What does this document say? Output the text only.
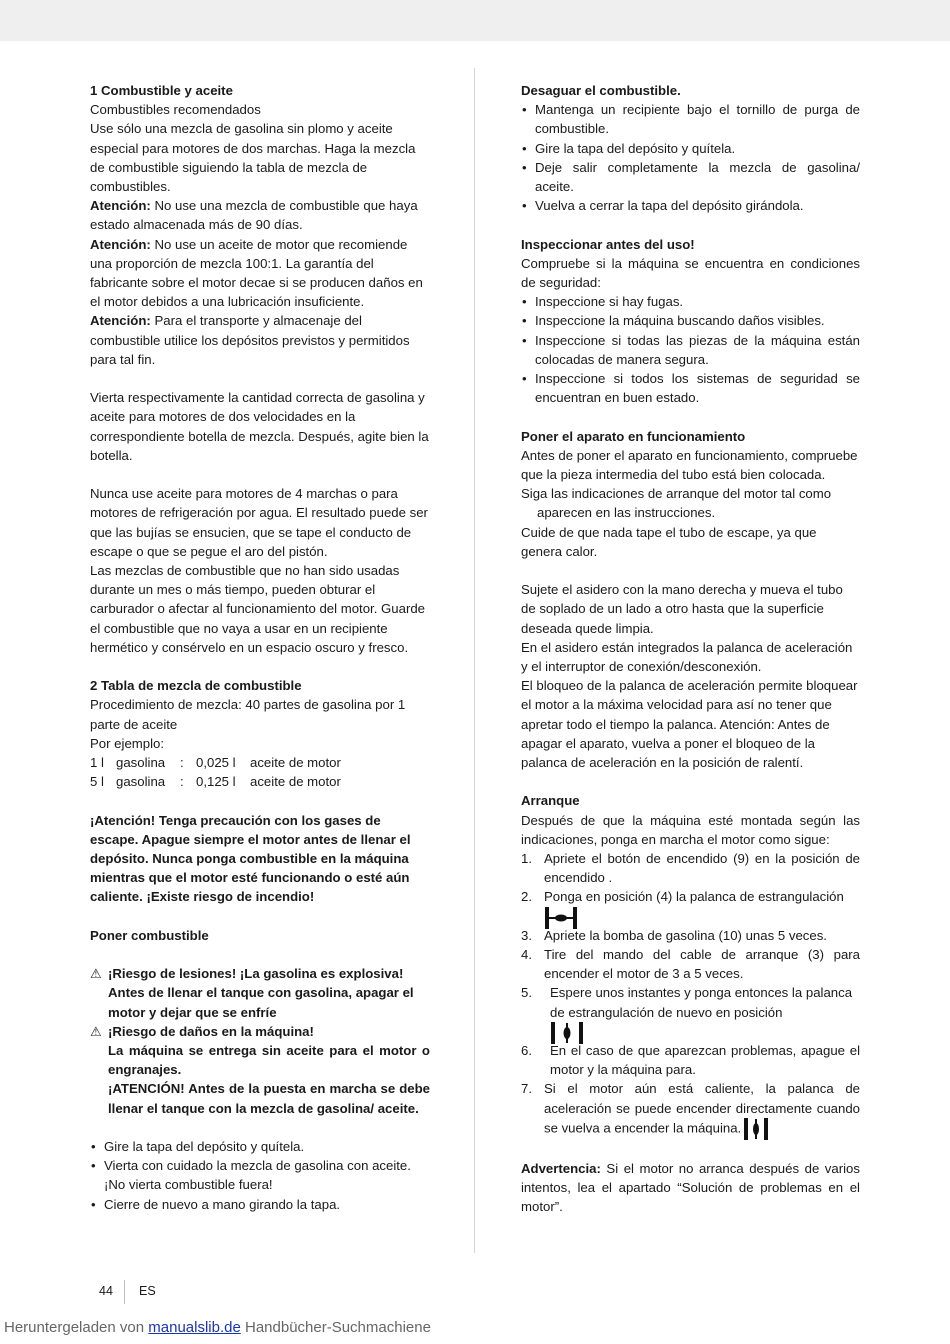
1 Combustible y aceite

Combustibles recomendados

Use sólo una mezcla de gasolina sin plomo y aceite especial para motores de dos marchas. Haga la mezcla de combustible siguiendo la tabla de mezcla de combustibles.

Atención: No use una mezcla de combustible que haya estado almacenada más de 90 días.

Atención: No use un aceite de motor que recomiende una proporción de mezcla 100:1. La garantía del fabricante sobre el motor decae si se producen daños en el motor debidos a una lubricación insuficiente.

Atención: Para el transporte y almacenaje del combustible utilice los depósitos previstos y permitidos para tal fin.

Vierta respectivamente la cantidad correcta de gasolina y aceite para motores de dos velocidades en la correspondiente botella de mezcla. Después, agite bien la botella.

Nunca use aceite para motores de 4 marchas o para motores de refrigeración por agua. El resultado puede ser que las bujías se ensucien, que se tape el conducto de escape o que se pegue el aro del pistón.

Las mezclas de combustible que no han sido usadas durante un mes o más tiempo, pueden obturar el carburador o afectar al funcionamiento del motor. Guarde el combustible que no vaya a usar en un recipiente hermético y consérvelo en un espacio oscuro y fresco.

2 Tabla de mezcla de combustible

Procedimiento de mezcla: 40 partes de gasolina por 1 parte de aceite

Por ejemplo:

1 l	gasolina	:	0,025 l	aceite de motor
5 l	gasolina	:	0,125 l	aceite de motor

¡Atención! Tenga precaución con los gases de escape. Apague siempre el motor antes de llenar el depósito. Nunca ponga combustible en la máquina mientras que el motor esté funcionando o esté aún caliente. ¡Existe riesgo de incendio!

Poner combustible

⚠ ¡Riesgo de lesiones! ¡La gasolina es explosiva!

Antes de llenar el tanque con gasolina, apagar el motor y dejar que se enfríe

⚠ ¡Riesgo de daños en la máquina!

La máquina se entrega sin aceite para el motor o engranajes.

¡ATENCIÓN! Antes de la puesta en marcha se debe llenar el tanque con la mezcla de gasolina/ aceite.

• Gire la tapa del depósito y quítela.
• Vierta con cuidado la mezcla de gasolina con aceite. ¡No vierta combustible fuera!
• Cierre de nuevo a mano girando la tapa.

Desaguar el combustible.

• Mantenga un recipiente bajo el tornillo de purga de combustible.
• Gire la tapa del depósito y quítela.
• Deje salir completamente la mezcla de gasolina/ aceite.
• Vuelva a cerrar la tapa del depósito girándola.

Inspeccionar antes del uso!

Compruebe si la máquina se encuentra en condiciones de seguridad:

• Inspeccione si hay fugas.
• Inspeccione la máquina buscando daños visibles.
• Inspeccione si todas las piezas de la máquina están colocadas de manera segura.
• Inspeccione si todos los sistemas de seguridad se encuentran en buen estado.

Poner el aparato en funcionamiento

Antes de poner el aparato en funcionamiento, compruebe que la pieza intermedia del tubo está bien colocada.

Siga las indicaciones de arranque del motor tal como

aparecen en las instrucciones.

Cuide de que nada tape el tubo de escape, ya que genera calor.

Sujete el asidero con la mano derecha y mueva el tubo de soplado de un lado a otro hasta que la superficie deseada quede limpia.

En el asidero están integrados la palanca de aceleración y el interruptor de conexión/desconexión.

El bloqueo de la palanca de aceleración permite bloquear el motor a la máxima velocidad para así no tener que apretar todo el tiempo la palanca. Atención: Antes de apagar el aparato, vuelva a poner el bloqueo de la palanca de aceleración en la posición de ralentí.

Arranque

Después de que la máquina esté montada según las indicaciones, ponga en marcha el motor como sigue:

1. Apriete el botón de encendido (9) en la posición de encendido .
2. Ponga en posición (4) la palanca de estrangulación
3. Apriete la bomba de gasolina (10) unas 5 veces.
4. Tire del mando del cable de arranque (3) para encender el motor de 3 a 5 veces.
5. Espere unos instantes y ponga entonces la palanca de estrangulación de nuevo en posición
6. En el caso de que aparezcan problemas, apague el motor y la máquina para.
7. Si el motor aún está caliente, la palanca de aceleración se puede encender directamente cuando se vuelva a encender la máquina.

Advertencia: Si el motor no arranca después de varios intentos, lea el apartado “Solución de problemas en el motor”.

44 ES
Heruntergeladen von manualslib.de Handbücher-Suchmachiene
